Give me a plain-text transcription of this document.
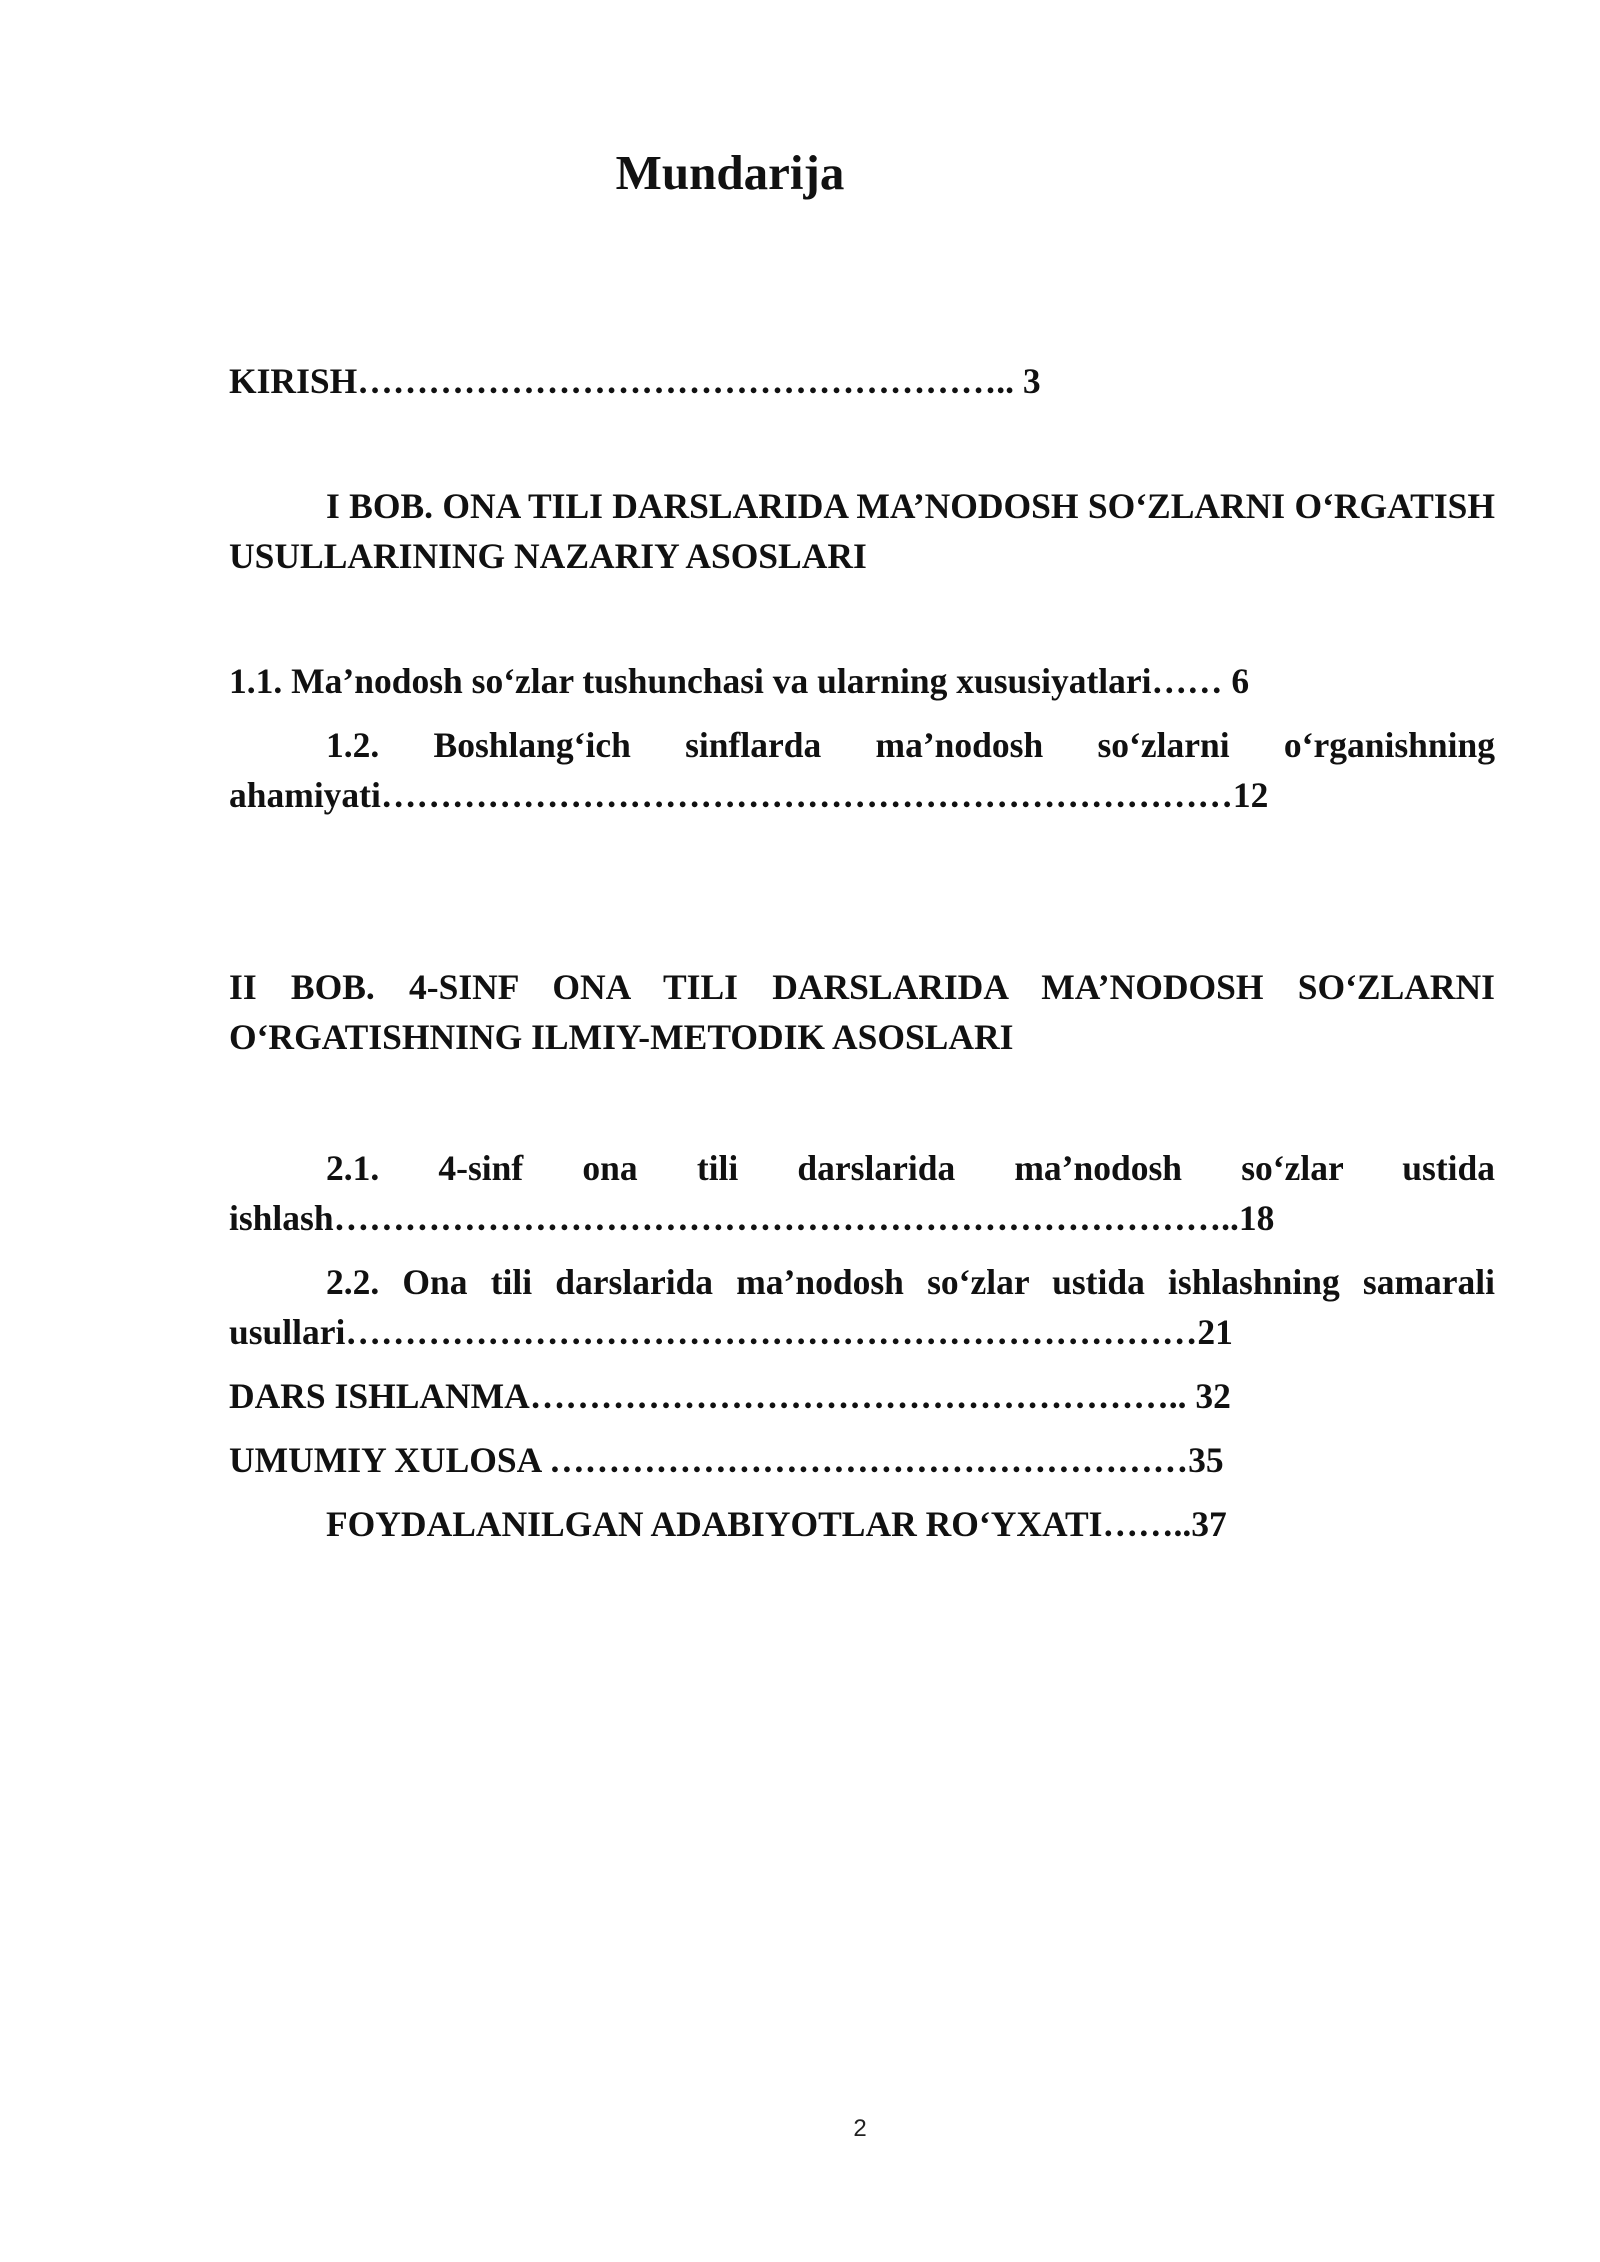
Mundarija

KIRISH……………………………………………….. 3

I BOB. ONA TILI DARSLARIDA MA’NODOSH SO‘ZLARNI O‘RGATISH USULLARINING NAZARIY ASOSLARI

1.1. Ma’nodosh so‘zlar tushunchasi va ularning xususiyatlari…… 6

1.2. Boshlang‘ich sinflarda ma’nodosh so‘zlarni o‘rganishning ahamiyati………………………………………………………………12

II BOB. 4-SINF ONA TILI DARSLARIDA MA’NODOSH SO‘ZLARNI O‘RGATISHNING ILMIY-METODIK ASOSLARI

2.1. 4-sinf ona tili darslarida ma’nodosh so‘zlar ustida ishlash…………………………………………………………………..18

2.2. Ona tili darslarida ma’nodosh so‘zlar ustida ishlashning samarali usullari………………………………………………………………21

DARS ISHLANMA……………………………………………….. 32

UMUMIY XULOSA ………………………………………………35

FOYDALANILGAN ADABIYOTLAR RO‘YXATI……..37

2
